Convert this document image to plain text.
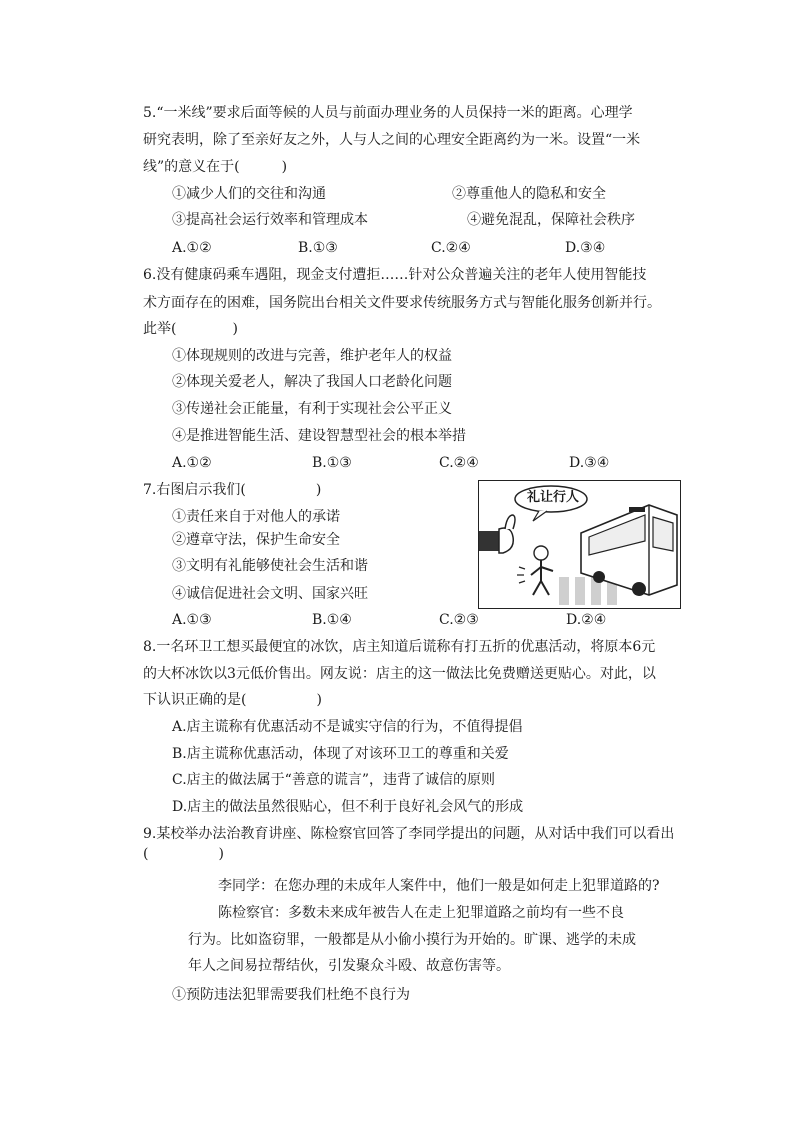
5.“一米线”要求后面等候的人员与前面办理业务的人员保持一米的距离。心理学
研究表明，除了至亲好友之外，人与人之间的心理安全距离约为一米。设置“一米
线”的意义在于(　　　)
①减少人们的交往和沟通	②尊重他人的隐私和安全
③提高社会运行效率和管理成本	④避免混乱，保障社会秩序
A.①②	B.①③	C.②④	D.③④
6.没有健康码乘车遇阻，现金支付遭拒……针对公众普遍关注的老年人使用智能技
术方面存在的困难，国务院出台相关文件要求传统服务方式与智能化服务创新并行。
此举(　　　　)
①体现规则的改进与完善，维护老年人的权益
②体现关爱老人，解决了我国人口老龄化问题
③传递社会正能量，有利于实现社会公平正义
④是推进智能生活、建设智慧型社会的根本举措
A.①②	B.①③	C.②④	D.③④
7.右图启示我们(　　　　　)
①责任来自于对他人的承诺
②遵章守法，保护生命安全
③文明有礼能够使社会生活和谐
④诚信促进社会文明、国家兴旺
A.①③	B.①④	C.②③	D.②④
礼让行人
8.一名环卫工想买最便宜的冰饮，店主知道后谎称有打五折的优惠活动，将原本6元
的大杯冰饮以3元低价售出。网友说：店主的这一做法比免费赠送更贴心。对此，以
下认识正确的是(　　　　　)
A.店主谎称有优惠活动不是诚实守信的行为，不值得提倡
B.店主谎称优惠活动，体现了对该环卫工的尊重和关爱
C.店主的做法属于“善意的谎言”，违背了诚信的原则
D.店主的做法虽然很贴心，但不利于良好礼会风气的形成
9.某校举办法治教育讲座、陈检察官回答了李同学提出的问题，从对话中我们可以看出
(　　　　　)
李同学：在您办理的未成年人案件中，他们一般是如何走上犯罪道路的?
陈检察官：多数未来成年被告人在走上犯罪道路之前均有一些不良
行为。比如盗窃罪，一般都是从小偷小摸行为开始的。旷课、逃学的未成
年人之间易拉帮结伙，引发聚众斗殴、故意伤害等。
①预防违法犯罪需要我们杜绝不良行为
